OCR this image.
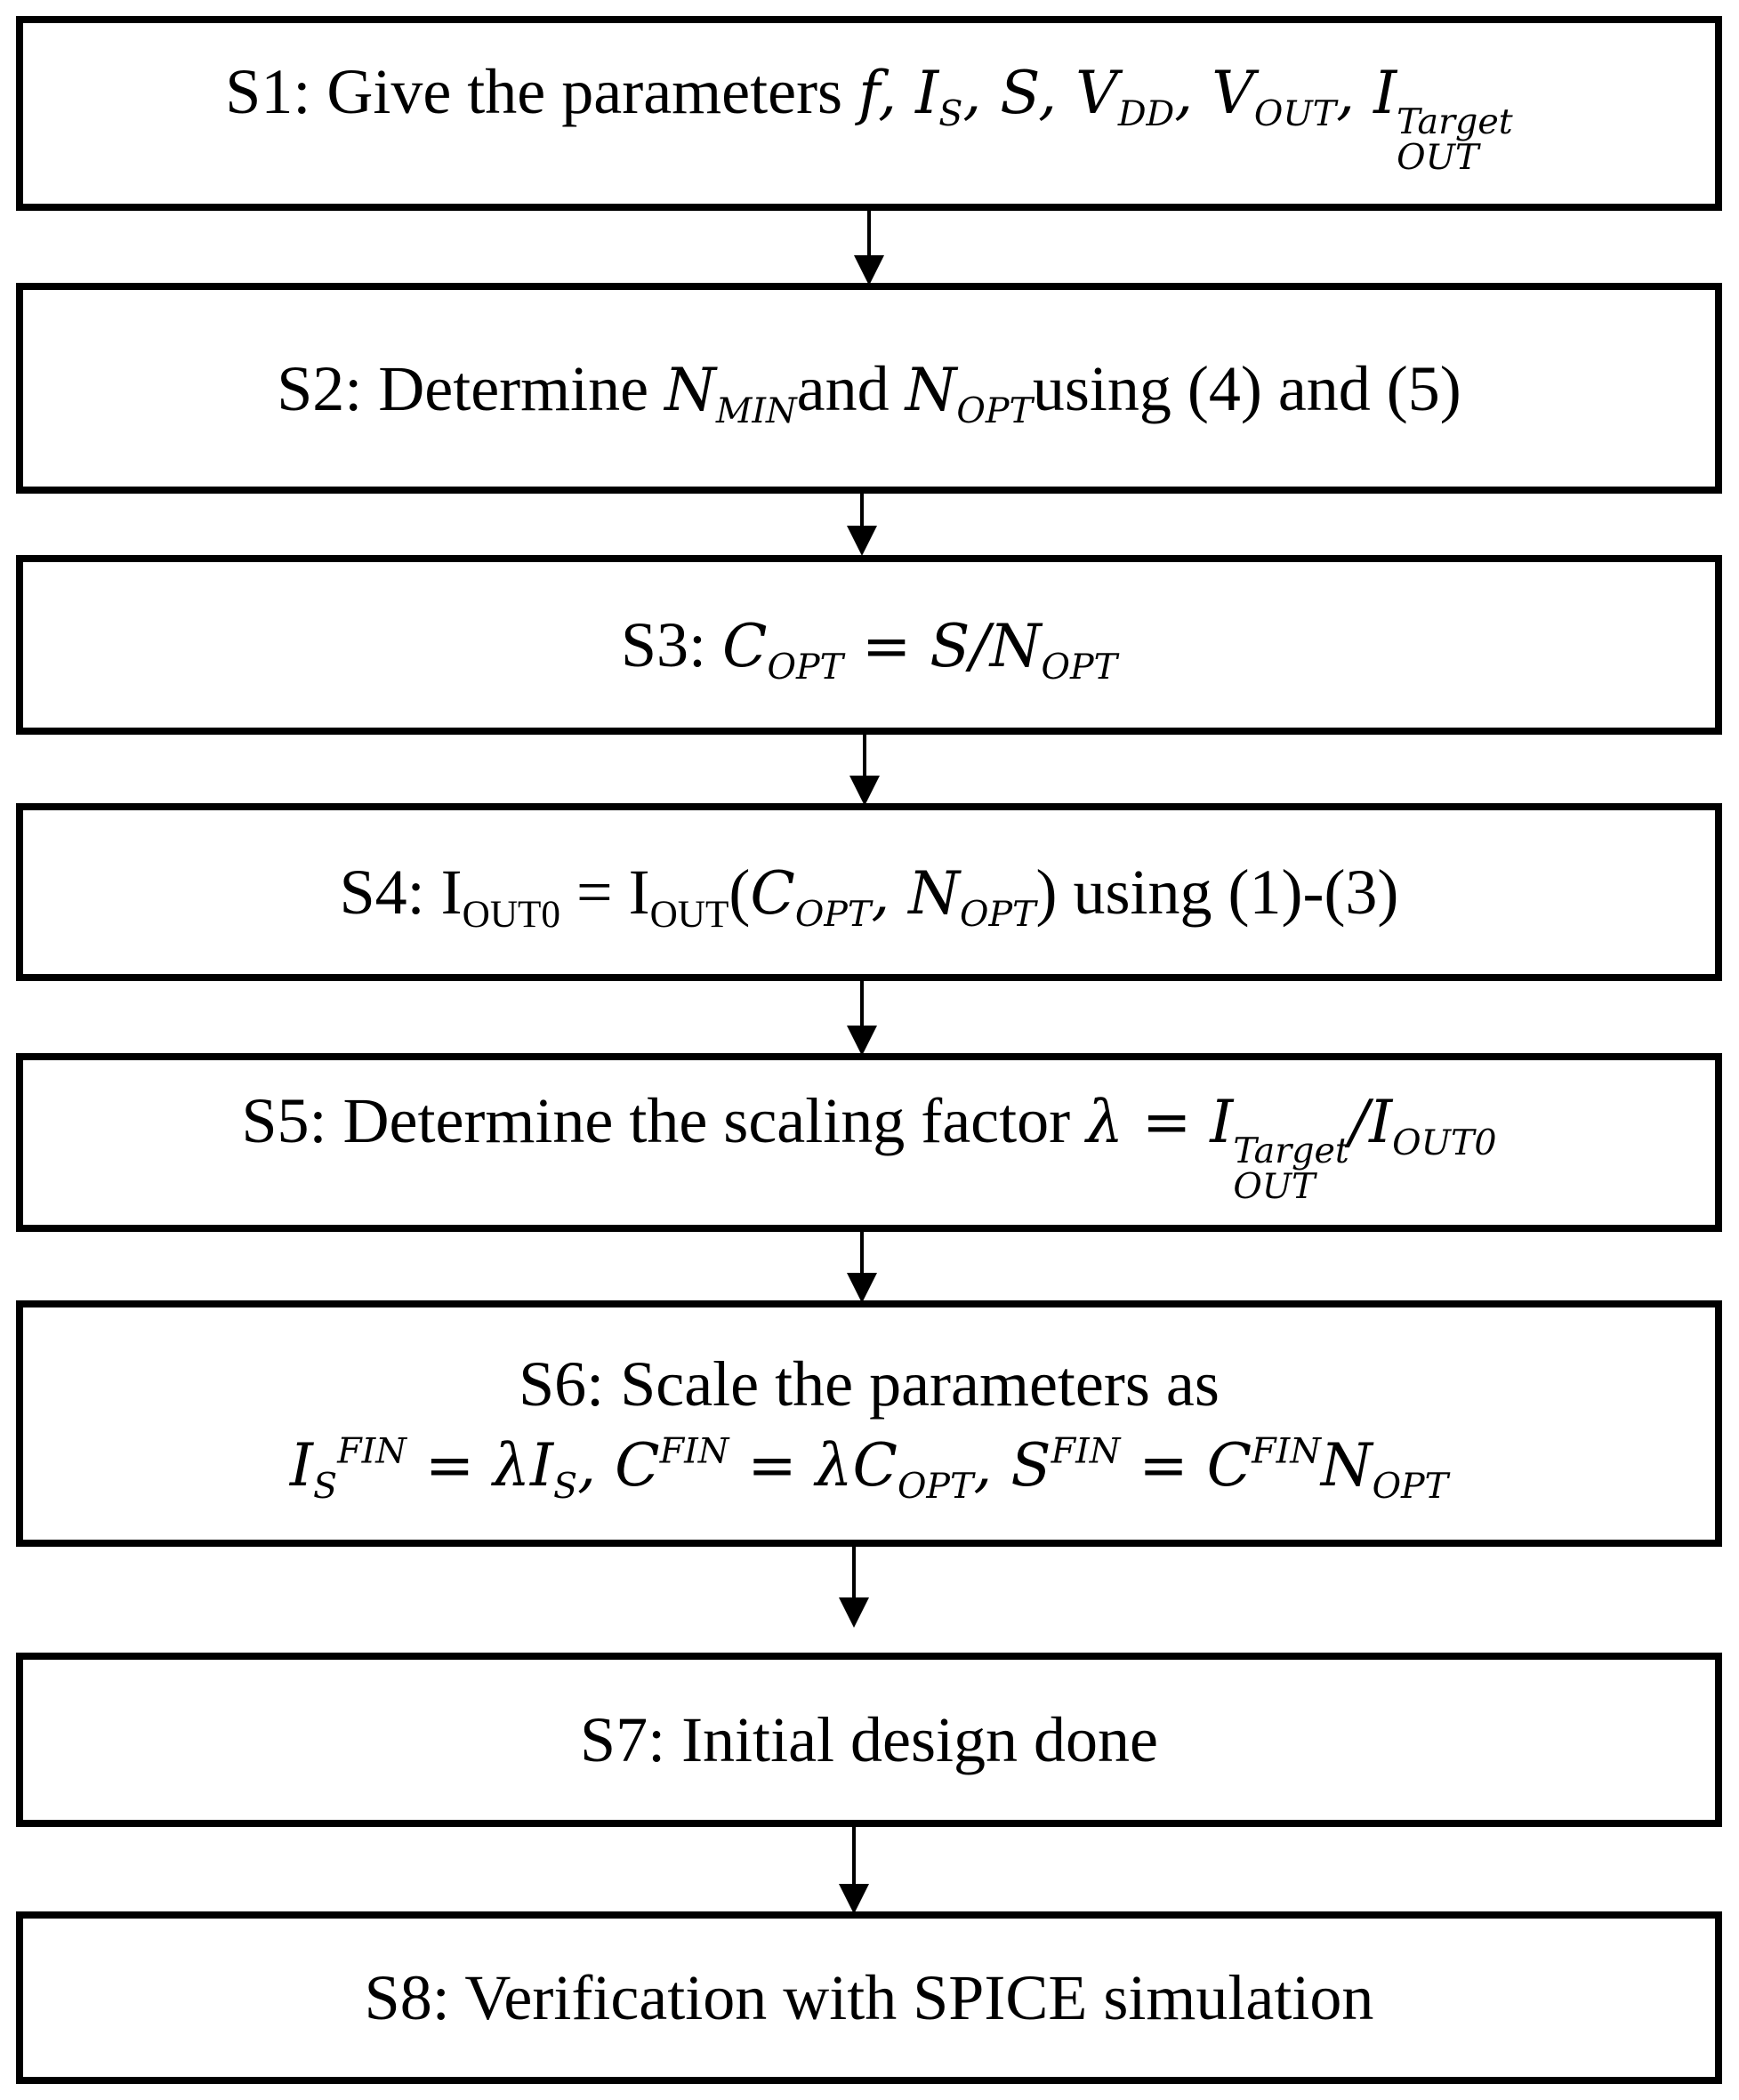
S1: Give the parameters f, $I_S$, S, $V_{DD}$, $V_{OUT}$, I Target
OUT
S2: Determine $N_{MIN}and$ $N_{OPT}using$ (4) and (5)
S3: $C_{OPT} = S/N_{OPT}$
S4: $I_{OUT0} = I_{OUT}(C_{OPT}$, $N_{OPT}$) using (1)-(3)
S5: Determine the scaling factor λ = I Target
OUT
$/I_{OUT0}$
S6: Scale the parameters as
$I_S^{FIN} = \lambda I_S$, $C^{FIN} = \lambda C_{OPT}$, $S^{FIN} = C^{FIN}N_{OPT}$
S7: Initial design done
S8: Verification with SPICE simulation
